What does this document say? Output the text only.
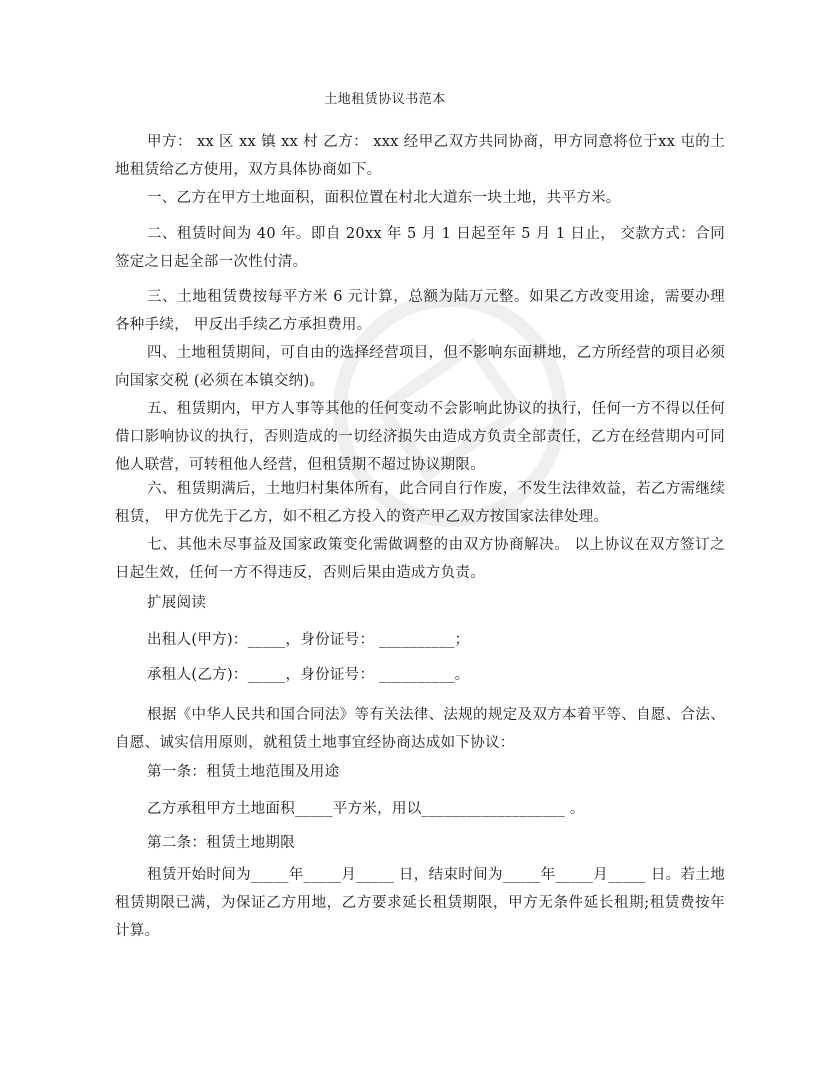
土地租赁协议书范本
甲方： xx 区 xx 镇 xx 村 乙方： xxx 经甲乙双方共同协商，甲方同意将位于xx 屯的土地租赁给乙方使用，双方具体协商如下。
一、乙方在甲方土地面积，面积位置在村北大道东一块土地，共平方米。
二、租赁时间为 40 年。即自 20xx 年 5 月 1 日起至年 5 月 1 日止， 交款方式：合同签定之日起全部一次性付清。
三、土地租赁费按每平方米 6 元计算，总额为陆万元整。如果乙方改变用途，需要办理各种手续， 甲反出手续乙方承担费用。
四、土地租赁期间，可自由的选择经营项目，但不影响东面耕地，乙方所经营的项目必须向国家交税 (必须在本镇交纳)。
五、租赁期内，甲方人事等其他的任何变动不会影响此协议的执行，任何一方不得以任何借口影响协议的执行，否则造成的一切经济损失由造成方负责全部责任，乙方在经营期内可同他人联营，可转租他人经营，但租赁期不超过协议期限。
六、租赁期满后，土地归村集体所有，此合同自行作废，不发生法律效益，若乙方需继续租赁， 甲方优先于乙方，如不租乙方投入的资产甲乙双方按国家法律处理。
七、其他未尽事益及国家政策变化需做调整的由双方协商解决。 以上协议在双方签订之日起生效，任何一方不得违反，否则后果由造成方负责。
扩展阅读
出租人(甲方)：_____，身份证号： __________；
承租人(乙方)：_____，身份证号： __________。
根据《中华人民共和国合同法》等有关法律、法规的规定及双方本着平等、自愿、合法、自愿、诚实信用原则，就租赁土地事宜经协商达成如下协议：
第一条：租赁土地范围及用途
乙方承租甲方土地面积_____平方米，用以___________________ 。
第二条：租赁土地期限
租赁开始时间为_____年_____月_____ 日，结束时间为_____年_____月_____ 日。若土地租赁期限已满，为保证乙方用地，乙方要求延长租赁期限，甲方无条件延长租期;租赁费按年计算。
